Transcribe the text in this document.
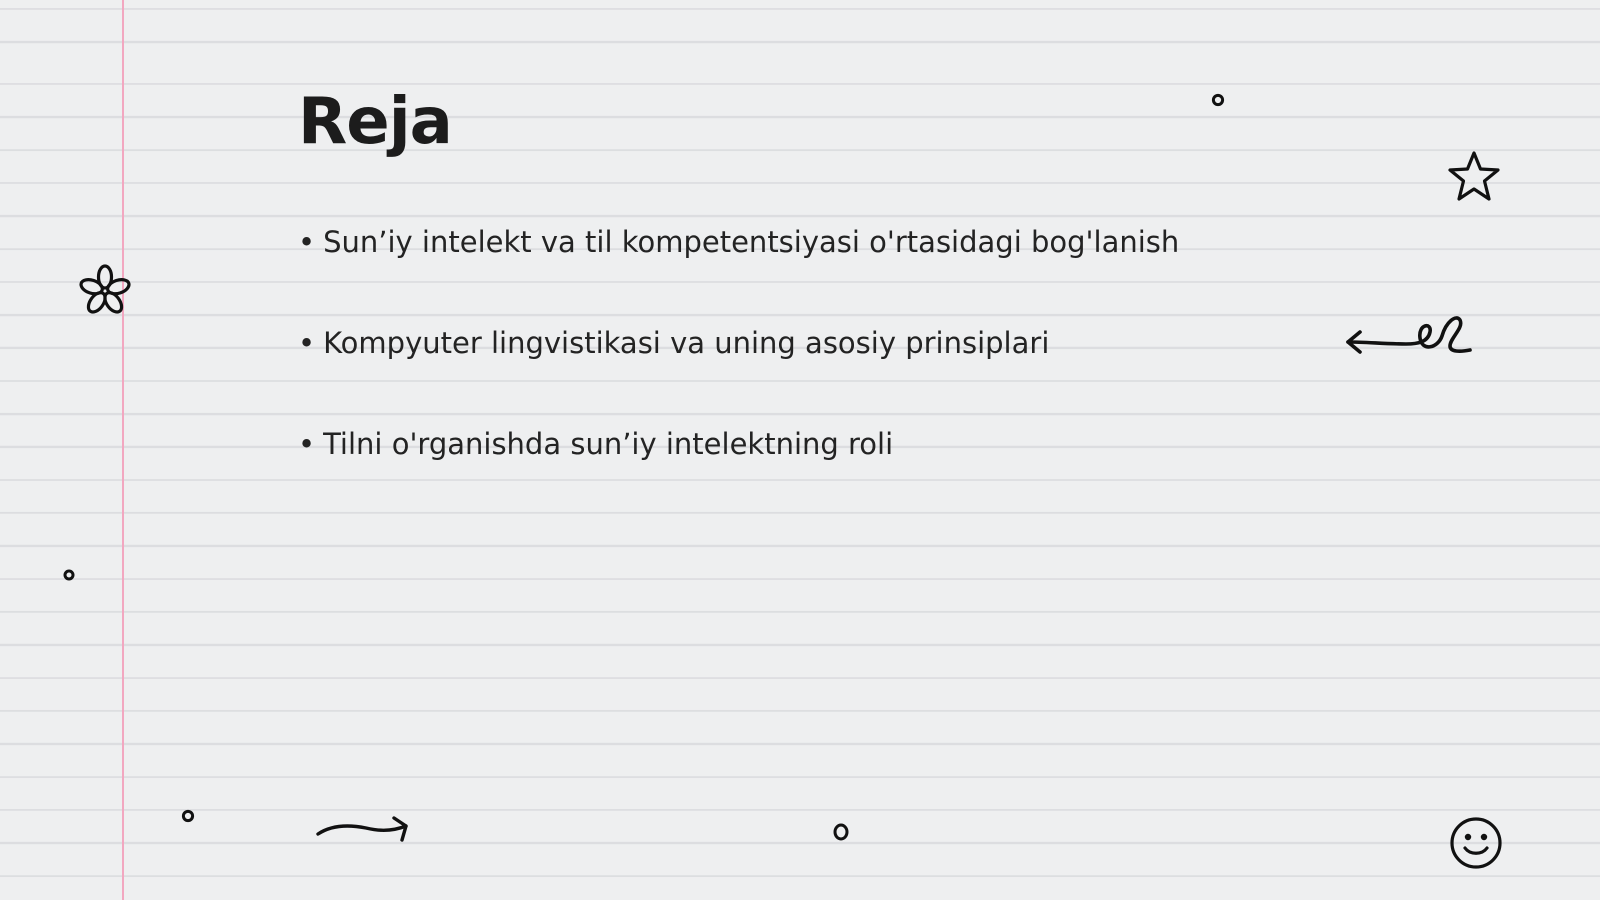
Reja
• Sun’iy intelekt va til kompetentsiyasi o'rtasidagi bog'lanish
• Kompyuter lingvistikasi va uning asosiy prinsiplari
• Tilni o'rganishda sun’iy intelektning roli
